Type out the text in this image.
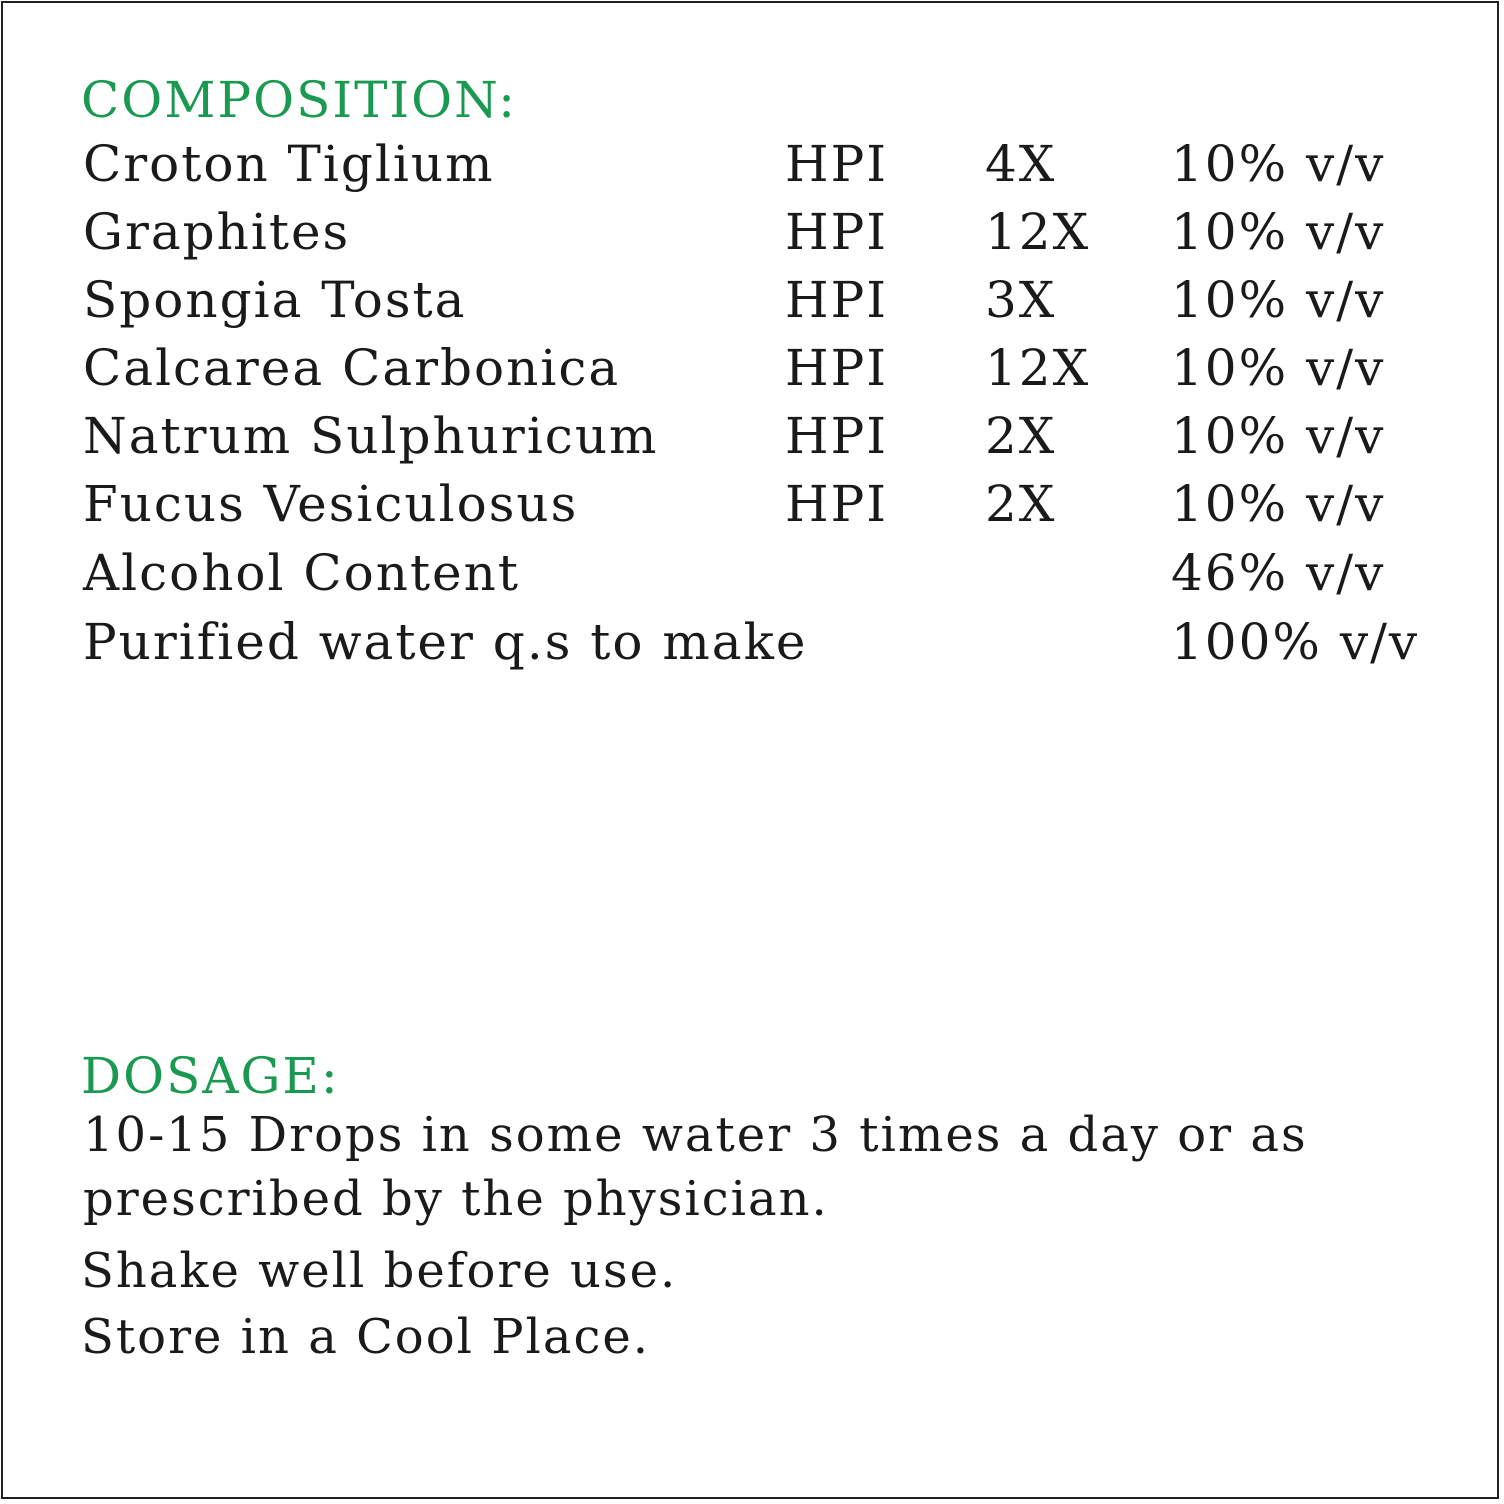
COMPOSITION:
Croton Tiglium	HPI 4X 10% v/v
Graphites	HPI 12X 10% v/v
Spongia Tosta	HPI 3X 10% v/v
Calcarea Carbonica	HPI 12X 10% v/v
Natrum Sulphuricum	HPI 2X 10% v/v
Fucus Vesiculosus	HPI 2X 10% v/v
Alcohol Content	46% v/v
Purified water q.s to make	100% v/v
DOSAGE:
10-15 Drops in some water 3 times a day or as prescribed by the physician.
Shake well before use.
Store in a Cool Place.
